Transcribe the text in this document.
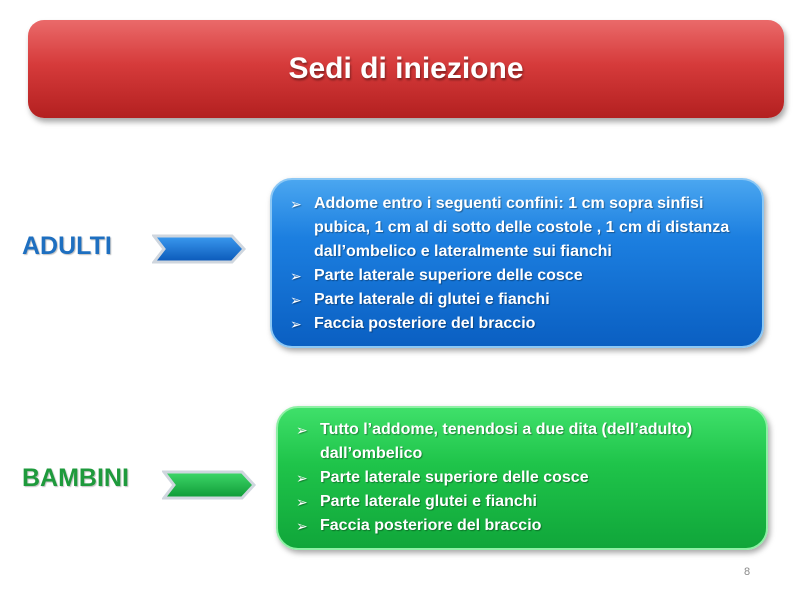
Sedi di iniezione
ADULTI
➢ Addome entro i seguenti confini: 1 cm sopra sinfisi pubica, 1 cm al di sotto delle costole , 1 cm di distanza dall’ombelico e lateralmente sui fianchi
➢ Parte laterale superiore delle cosce
➢ Parte laterale di glutei e fianchi
➢ Faccia posteriore del braccio
BAMBINI
➢ Tutto l’addome, tenendosi a due dita (dell’adulto) dall’ombelico
➢ Parte laterale superiore delle cosce
➢ Parte laterale glutei e fianchi
➢ Faccia posteriore del braccio
8
